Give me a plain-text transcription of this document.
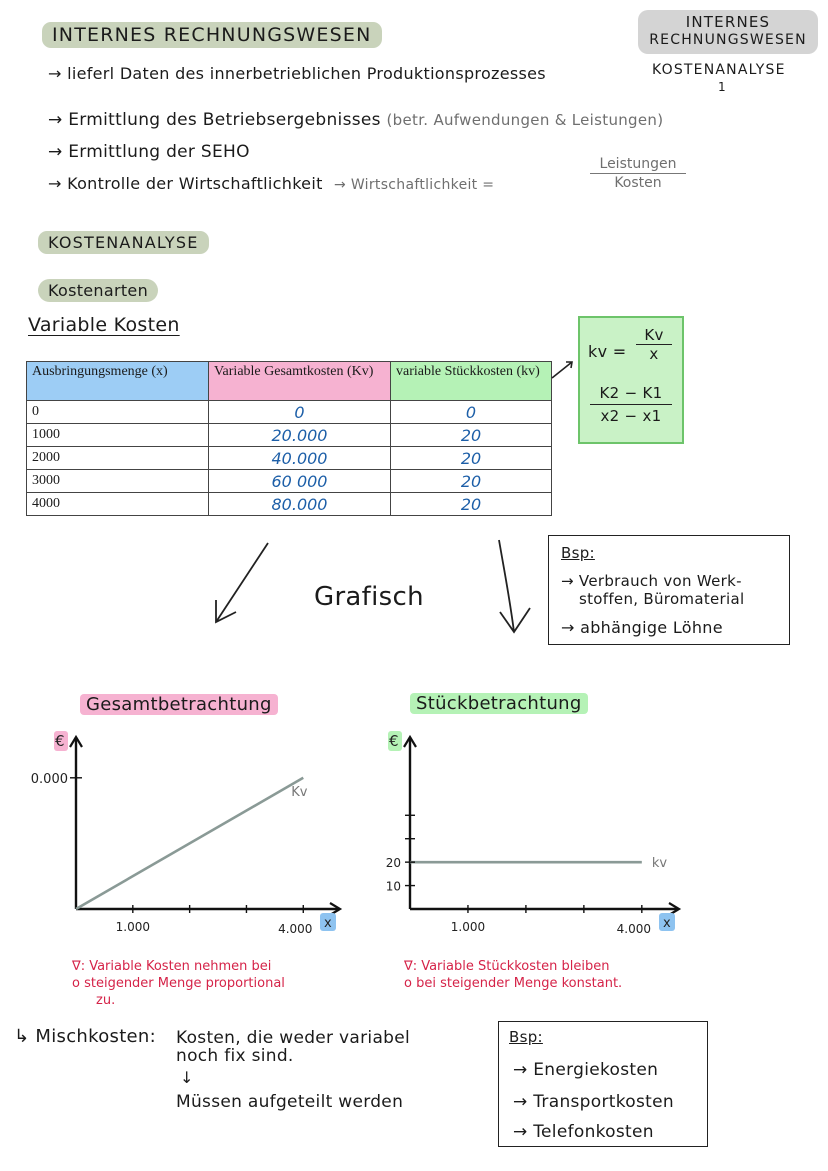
INTERNES RECHNUNGSWESEN
INTERNES
RECHNUNGSWESEN
KOSTENANALYSE
1
→ lieferl Daten des innerbetrieblichen Produktionsprozesses
→ Ermittlung des Betriebsergebnisses (betr. Aufwendungen & Leistungen)
→ Ermittlung der SEHO
→ Kontrolle der Wirtschaftlichkeit → Wirtschaftlichkeit =
Leistungen
Kosten
KOSTENANALYSE
Kostenarten
Variable Kosten
Ausbringungsmenge (x)	Variable Gesamtkosten (Kv)	variable Stückkosten (kv)
0	0	0
1000	20.000	20
2000	40.000	20
3000	60 000	20
4000	80.000	20
kv =
Kv
x
K2 − K1
x2 − x1
Grafisch
Bsp:
→ Verbrauch von Werk-
stoffen, Büromaterial
→ abhängige Löhne
Gesamtbetrachtung	Stückbetrachtung
€
x
1.000	4.000
Kv
0.000
€
x
1.000	4.000
kv
10
20
∇: Variable Kosten nehmen bei
o steigender Menge proportional
zu.
∇: Variable Stückkosten bleiben
o bei steigender Menge konstant.
↳ Mischkosten: Kosten, die weder variabel
noch fix sind.
↓
Müssen aufgeteilt werden
Bsp:
→ Energiekosten
→ Transportkosten
→ Telefonkosten
